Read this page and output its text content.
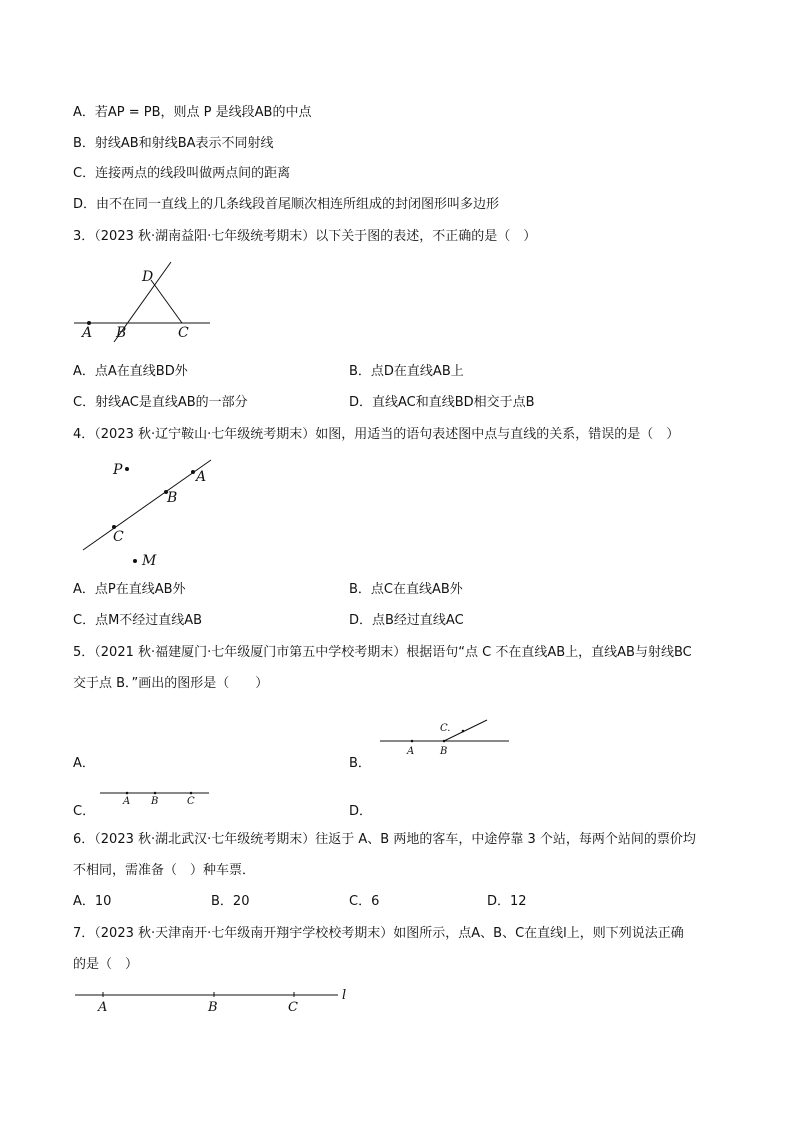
A．若AP = PB，则点 P 是线段AB的中点
B．射线AB和射线BA表示不同射线
C．连接两点的线段叫做两点间的距离
D．由不在同一直线上的几条线段首尾顺次相连所组成的封闭图形叫多边形
3．（2023 秋·湖南益阳·七年级统考期末）以下关于图的表述，不正确的是（　）
A B	C
D
A．点A在直线BD外	B．点D在直线AB上
C．射线AC是直线AB的一部分	D．直线AC和直线BD相交于点B
4．（2023 秋·辽宁鞍山·七年级统考期末）如图，用适当的语句表述图中点与直线的关系，错误的是（　）
P	A
B
C
M
A．点P在直线AB外	B．点C在直线AB外
C．点M不经过直线AB	D．点B经过直线AC
5．（2021 秋·福建厦门·七年级厦门市第五中学校考期末）根据语句“点 C 不在直线AB上，直线AB与射线BC
交于点 B．”画出的图形是（　　）
A．	B．
C.
A	B
C．
A B	C
D．
6．（2023 秋·湖北武汉·七年级统考期末）往返于 A、B 两地的客车，中途停靠 3 个站，每两个站间的票价均
不相同，需准备（　）种车票．
A．10	B．20	C．6	D．12
7．（2023 秋·天津南开·七年级南开翔宇学校校考期末）如图所示，点A、B、C在直线l上，则下列说法正确
的是（　）
A	B	C
l
